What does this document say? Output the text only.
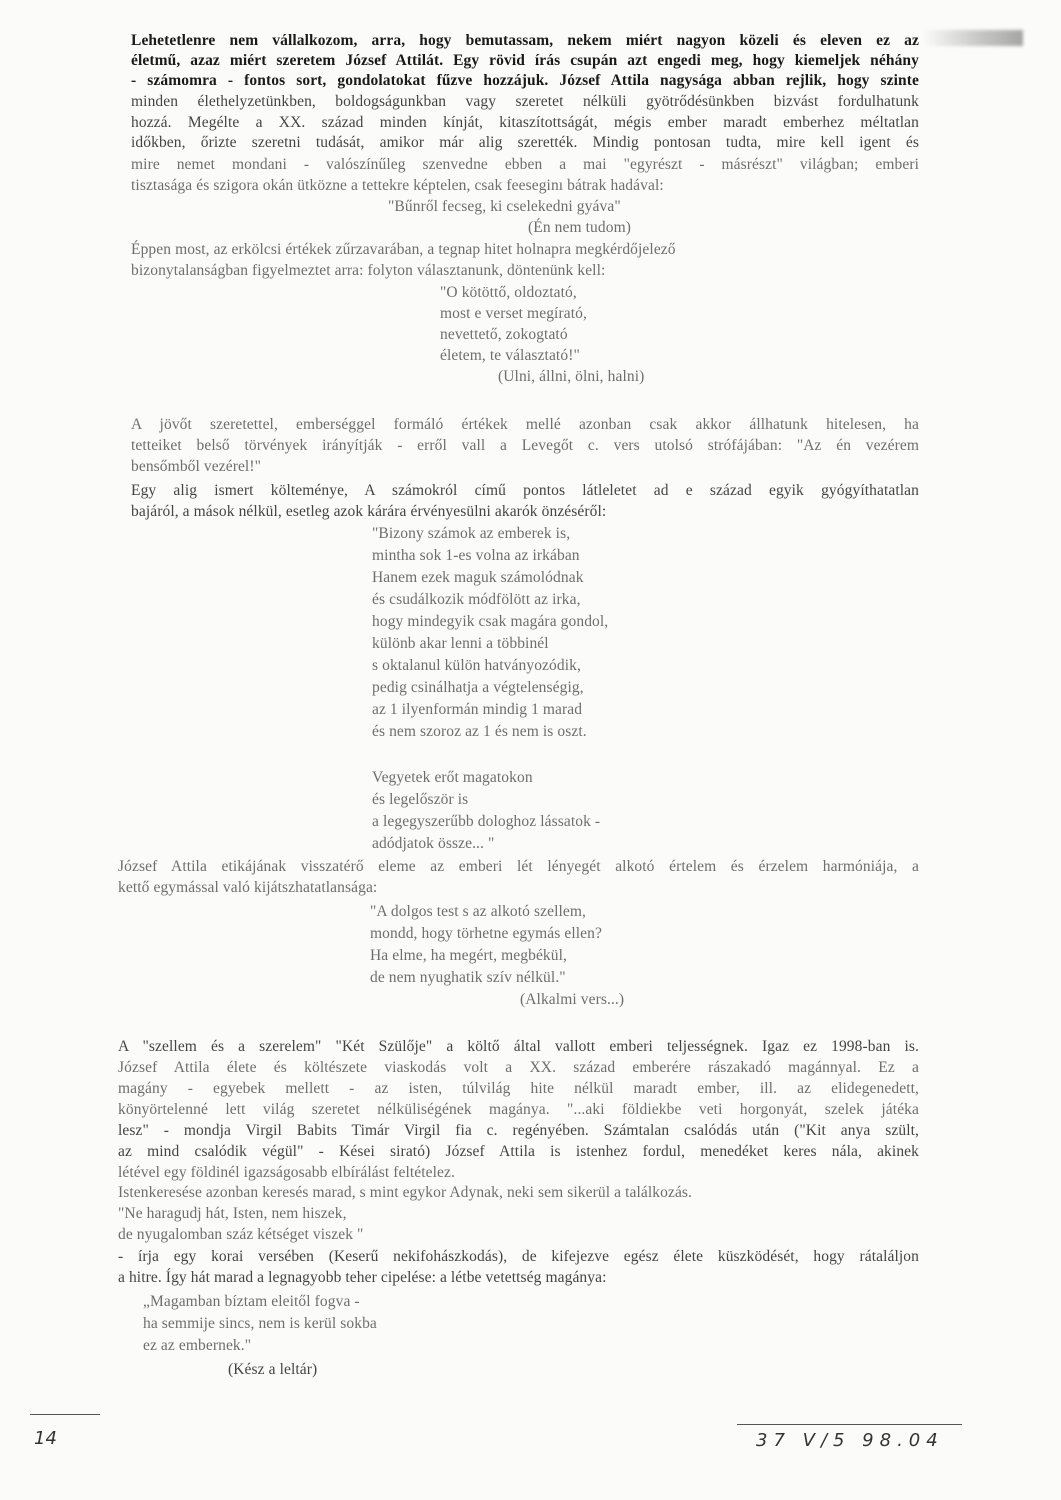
Lehetetlenre nem vállalkozom, arra, hogy bemutassam, nekem miért nagyon közeli és eleven ez az
életmű, azaz miért szeretem József Attilát. Egy rövid írás csupán azt engedi meg, hogy kiemeljek néhány
- számomra - fontos sort, gondolatokat fűzve hozzájuk. József Attila nagysága abban rejlik, hogy szinte
minden élethelyzetünkben, boldogságunkban vagy szeretet nélküli gyötrődésünkben bizvást fordulhatunk
hozzá. Megélte a XX. század minden kínját, kitaszítottságát, mégis ember maradt emberhez méltatlan
időkben, őrizte szeretni tudását, amikor már alig szerették. Mindig pontosan tudta, mire kell igent és
mire nemet mondani - valószínűleg szenvedne ebben a mai "egyrészt - másrészt" világban; emberi
tisztasága és szigora okán ütközne a tettekre képtelen, csak feeseginı bátrak hadával:
"Bűnről fecseg, ki cselekedni gyáva"
(Én nem tudom)
Éppen most, az erkölcsi értékek zűrzavarában, a tegnap hitet holnapra megkérdőjelező
bizonytalanságban figyelmeztet arra: folyton választanunk, döntenünk kell:
"O kötöttő, oldoztató,
most e verset megírató,
nevettető, zokogtató
életem, te választató!"
(Ulni, állni, ölni, halni)
A jövőt szeretettel, emberséggel formáló értékek mellé azonban csak akkor állhatunk hitelesen, ha
tetteiket belső törvények irányítják - erről vall a Levegőt c. vers utolsó strófájában: "Az én vezérem
bensőmből vezérel!"
Egy alig ismert költeménye, A számokról című pontos látleletet ad e század egyik gyógyíthatatlan
bajáról, a mások nélkül, esetleg azok kárára érvényesülni akarók önzéséről:
"Bizony számok az emberek is,
mintha sok 1-es volna az irkában
Hanem ezek maguk számolódnak
és csudálkozik módfölött az irka,
hogy mindegyik csak magára gondol,
különb akar lenni a többinél
s oktalanul külön hatványozódik,
pedig csinálhatja a végtelenségig,
az 1 ilyenformán mindig 1 marad
és nem szoroz az 1 és nem is oszt.
Vegyetek erőt magatokon
és legelőször is
a legegyszerűbb dologhoz lássatok -
adódjatok össze... "
József Attila etikájának visszatérő eleme az emberi lét lényegét alkotó értelem és érzelem harmóniája, a
kettő egymással való kijátszhatatlansága:
"A dolgos test s az alkotó szellem,
mondd, hogy törhetne egymás ellen?
Ha elme, ha megért, megbékül,
de nem nyughatik szív nélkül."
(Alkalmi vers...)
A "szellem és a szerelem" "Két Szülője" a költő által vallott emberi teljességnek. Igaz ez 1998-ban is.
József Attila élete és költészete viaskodás volt a XX. század emberére rászakadó magánnyal. Ez a
magány - egyebek mellett - az isten, túlvilág hite nélkül maradt ember, ill. az elidegenedett,
könyörtelenné lett világ szeretet nélküliségének magánya. "...aki földiekbe veti horgonyát, szelek játéka
lesz" - mondja Virgil Babits Timár Virgil fia c. regényében. Számtalan csalódás után ("Kit anya szült,
az mind csalódik végül" - Kései sirató) József Attila is istenhez fordul, menedéket keres nála, akinek
létével egy földinél igazságosabb elbírálást feltételez.
Istenkeresése azonban keresés marad, s mint egykor Adynak, neki sem sikerül a találkozás.
"Ne haragudj hát, Isten, nem hiszek,
de nyugalomban száz kétséget viszek "
- írja egy korai versében (Keserű nekifohászkodás), de kifejezve egész élete küszködését, hogy rátaláljon
a hitre. Így hát marad a legnagyobb teher cipelése: a létbe vetettség magánya:
„Magamban bíztam eleitől fogva -
ha semmije sincs, nem is kerül sokba
ez az embernek."
(Kész a leltár)
14	37 V/5 98.04
